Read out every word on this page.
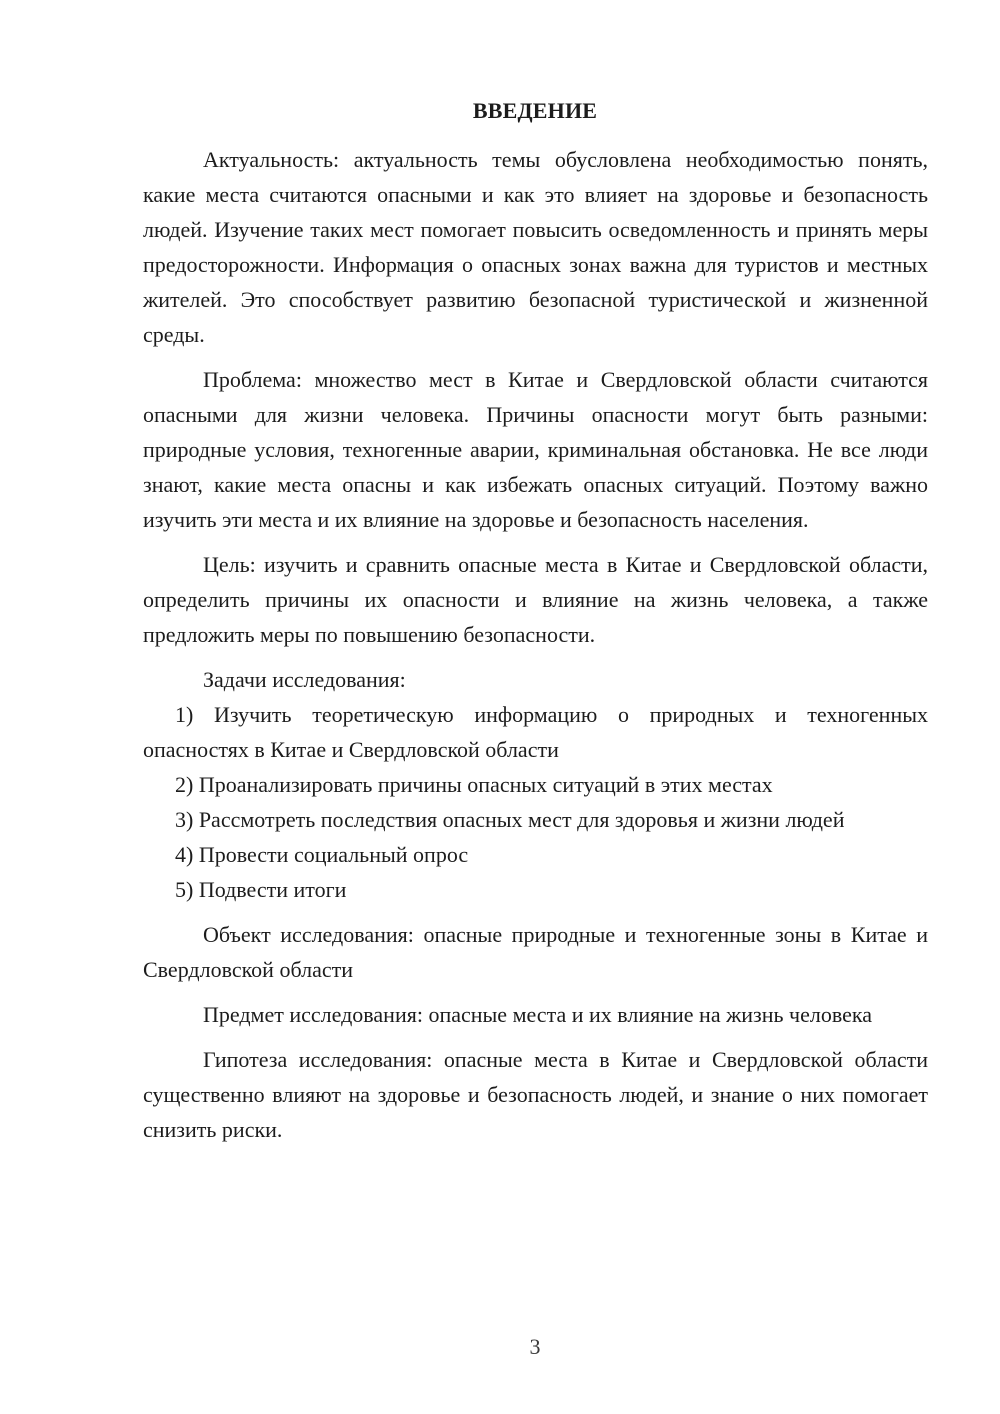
ВВЕДЕНИЕ

Актуальность: актуальность темы обусловлена необходимостью понять, какие места считаются опасными и как это влияет на здоровье и безопасность людей. Изучение таких мест помогает повысить осведомленность и принять меры предосторожности. Информация о опасных зонах важна для туристов и местных жителей. Это способствует развитию безопасной туристической и жизненной среды.

Проблема: множество мест в Китае и Свердловской области считаются опасными для жизни человека. Причины опасности могут быть разными: природные условия, техногенные аварии, криминальная обстановка. Не все люди знают, какие места опасны и как избежать опасных ситуаций. Поэтому важно изучить эти места и их влияние на здоровье и безопасность населения.

Цель: изучить и сравнить опасные места в Китае и Свердловской области, определить причины их опасности и влияние на жизнь человека, а также предложить меры по повышению безопасности.

Задачи исследования:

1) Изучить теоретическую информацию о природных и техногенных опасностях в Китае и Свердловской области

2) Проанализировать причины опасных ситуаций в этих местах

3) Рассмотреть последствия опасных мест для здоровья и жизни людей

4) Провести социальный опрос

5) Подвести итоги

Объект исследования: опасные природные и техногенные зоны в Китае и Свердловской области

Предмет исследования: опасные места и их влияние на жизнь человека

Гипотеза исследования: опасные места в Китае и Свердловской области существенно влияют на здоровье и безопасность людей, и знание о них помогает снизить риски.

3
